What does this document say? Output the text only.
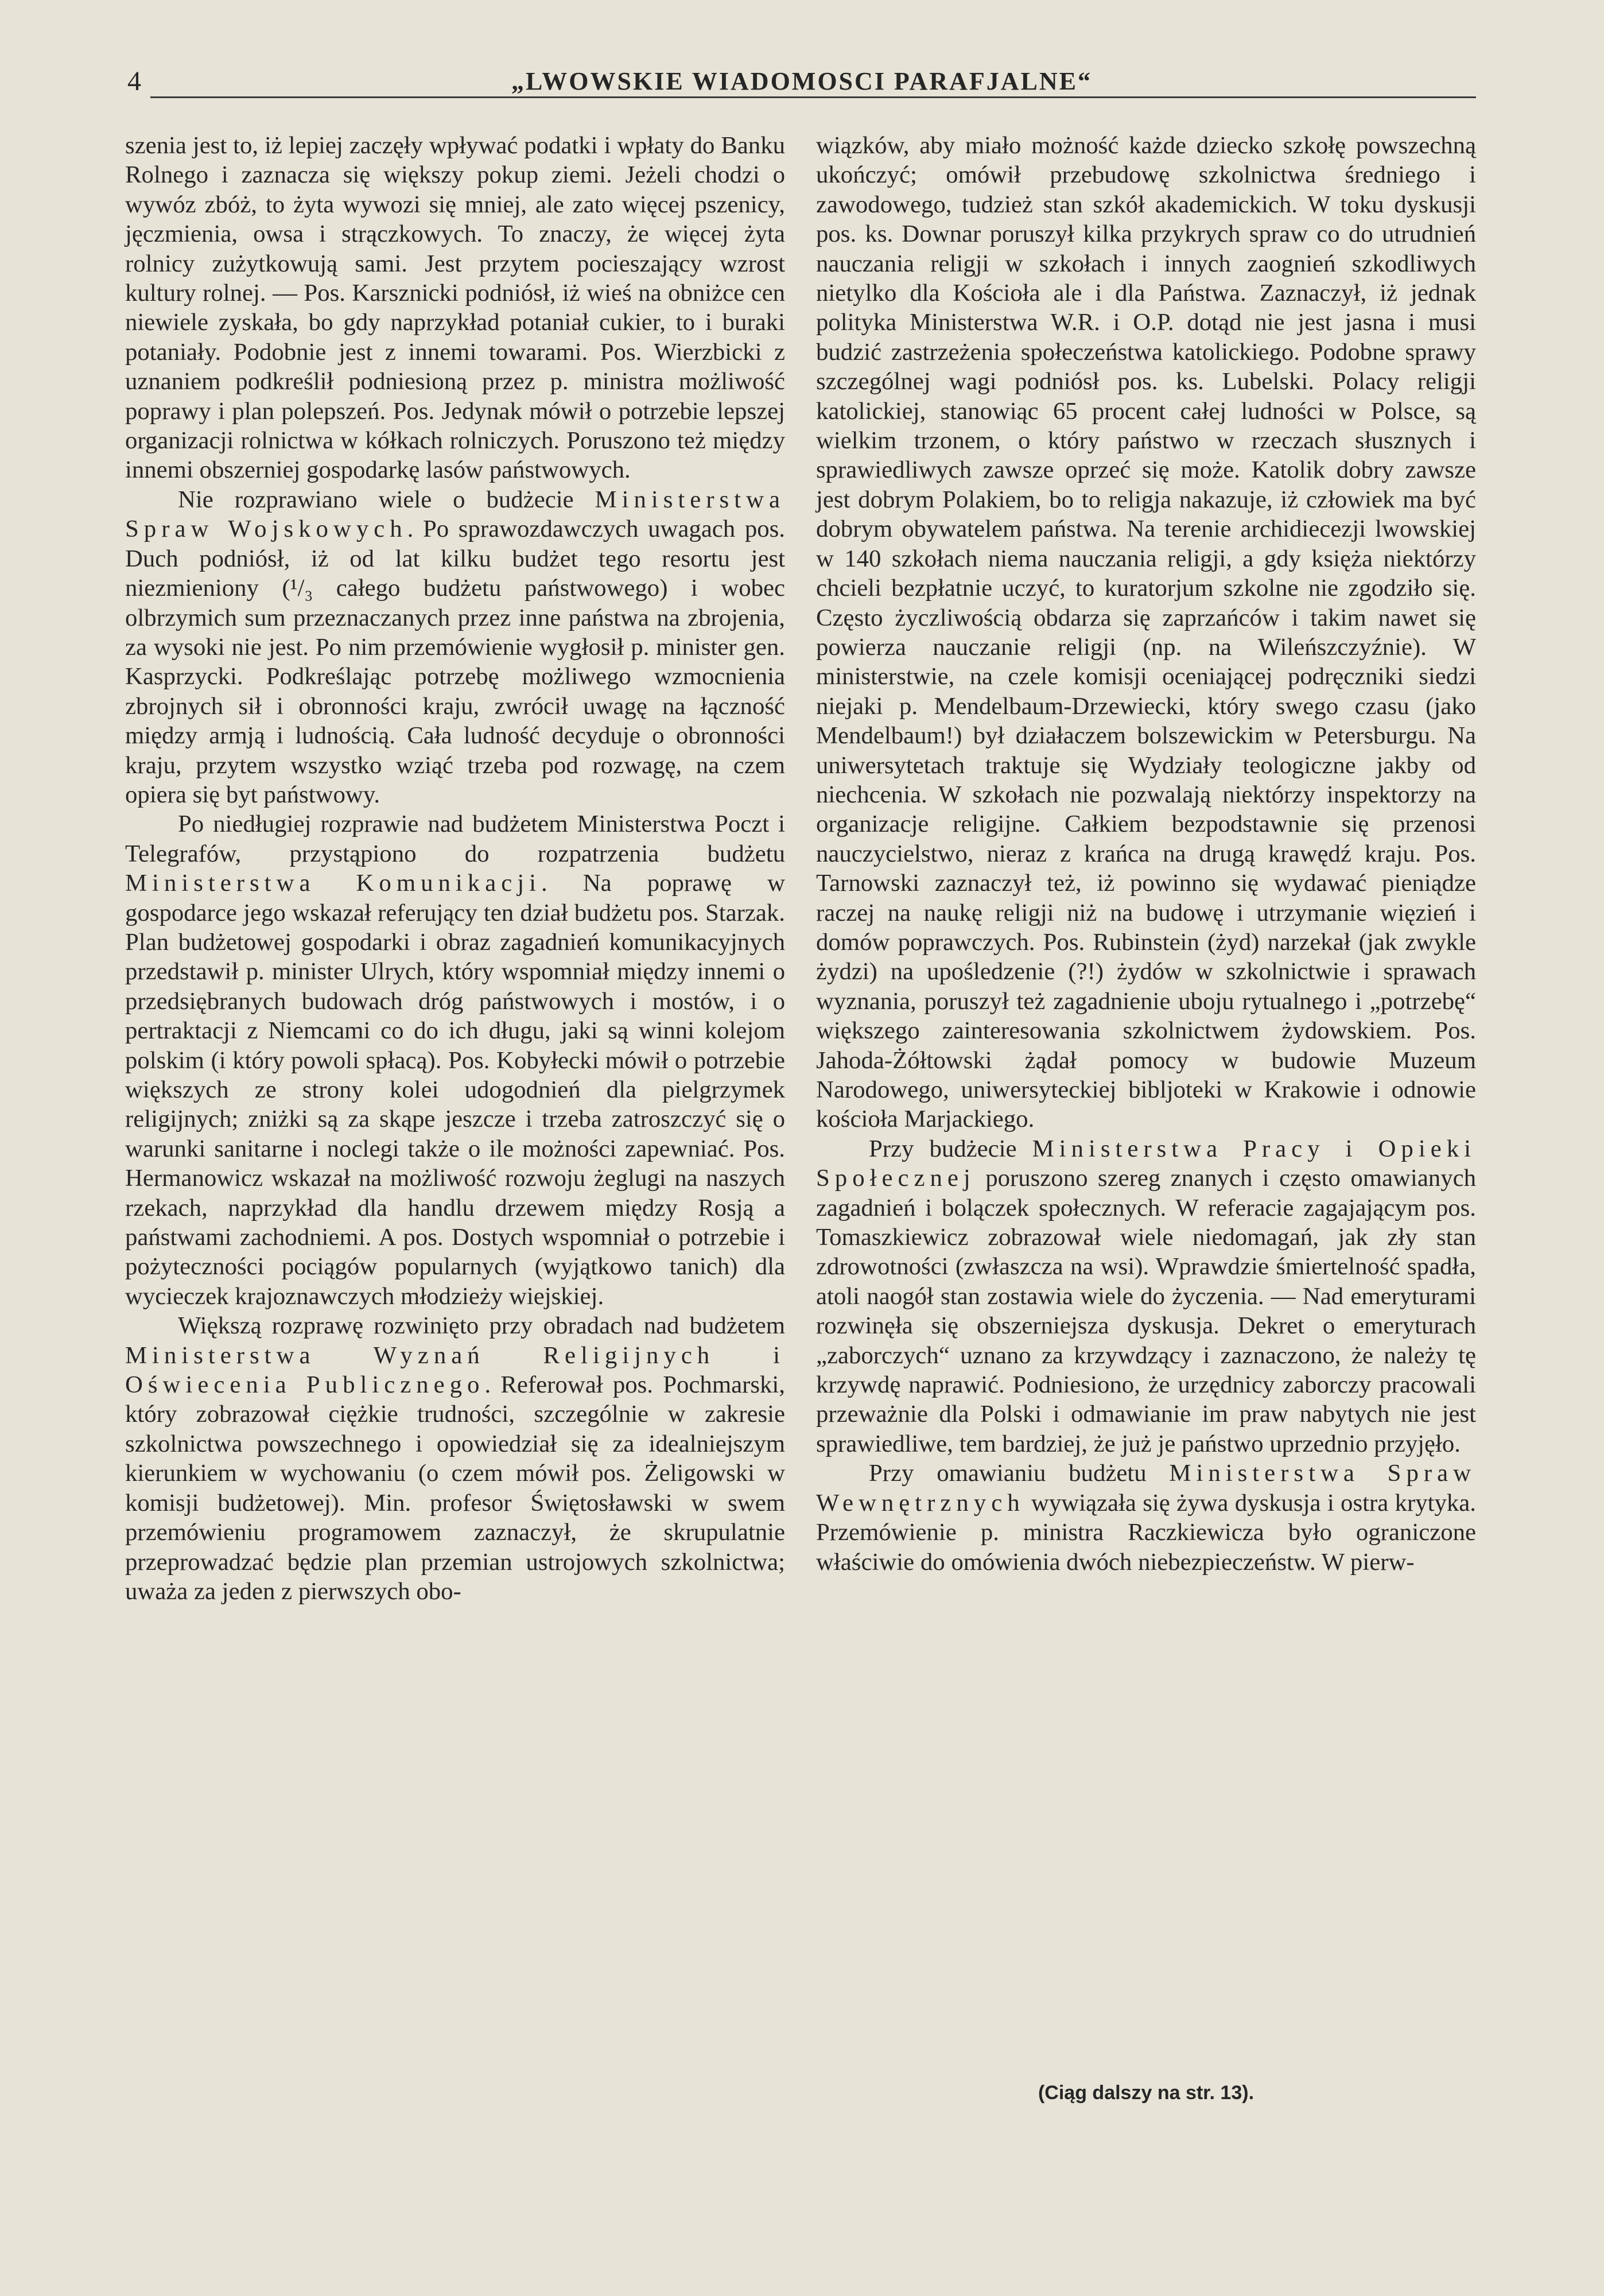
4	„LWOWSKIE WIADOMOSCI PARAFJALNE“

szenia jest to, iż lepiej zaczęły wpływać podatki i wpłaty do Banku Rolnego i zaznacza się większy pokup ziemi. Jeżeli chodzi o wywóz zbóż, to żyta wywozi się mniej, ale zato więcej pszenicy, jęczmienia, owsa i strączkowych. To znaczy, że więcej żyta rolnicy zużytkowują sami. Jest przytem pocieszający wzrost kultury rolnej. — Pos. Karsznicki podniósł, iż wieś na obniżce cen niewiele zyskała, bo gdy naprzykład potaniał cukier, to i buraki potaniały. Podobnie jest z innemi towarami. Pos. Wierzbicki z uznaniem podkreślił podniesioną przez p. ministra możliwość poprawy i plan polepszeń. Pos. Jedynak mówił o potrzebie lepszej organizacji rolnictwa w kółkach rolniczych. Poruszono też między innemi obszerniej gospodarkę lasów państwowych.

Nie rozprawiano wiele o budżecie Ministerstwa Spraw Wojskowych. Po sprawozdawczych uwagach pos. Duch podniósł, iż od lat kilku budżet tego resortu jest niezmieniony (¹/₃ całego budżetu państwowego) i wobec olbrzymich sum przeznaczanych przez inne państwa na zbrojenia, za wysoki nie jest. Po nim przemówienie wygłosił p. minister gen. Kasprzycki. Podkreślając potrzebę możliwego wzmocnienia zbrojnych sił i obronności kraju, zwrócił uwagę na łączność między armją i ludnością. Cała ludność decyduje o obronności kraju, przytem wszystko wziąć trzeba pod rozwagę, na czem opiera się byt państwowy.

Po niedługiej rozprawie nad budżetem Ministerstwa Poczt i Telegrafów, przystąpiono do rozpatrzenia budżetu Ministerstwa Komunikacji. Na poprawę w gospodarce jego wskazał referujący ten dział budżetu pos. Starzak. Plan budżetowej gospodarki i obraz zagadnień komunikacyjnych przedstawił p. minister Ulrych, który wspomniał między innemi o przedsiębranych budowach dróg państwowych i mostów, i o pertraktacji z Niemcami co do ich długu, jaki są winni kolejom polskim (i który powoli spłacą). Pos. Kobyłecki mówił o potrzebie większych ze strony kolei udogodnień dla pielgrzymek religijnych; zniżki są za skąpe jeszcze i trzeba zatroszczyć się o warunki sanitarne i noclegi także o ile możności zapewniać. Pos. Hermanowicz wskazał na możliwość rozwoju żeglugi na naszych rzekach, naprzykład dla handlu drzewem między Rosją a państwami zachodniemi. A pos. Dostych wspomniał o potrzebie i pożyteczności pociągów popularnych (wyjątkowo tanich) dla wycieczek krajoznawczych młodzieży wiejskiej.

Większą rozprawę rozwinięto przy obradach nad budżetem Ministerstwa Wyznań Religijnych i Oświecenia Publicznego. Referował pos. Pochmarski, który zobrazował ciężkie trudności, szczególnie w zakresie szkolnictwa powszechnego i opowiedział się za idealniejszym kierunkiem w wychowaniu (o czem mówił pos. Żeligowski w komisji budżetowej). Min. profesor Świętosławski w swem przemówieniu programowem zaznaczył, że skrupulatnie przeprowadzać będzie plan przemian ustrojowych szkolnictwa; uważa za jeden z pierwszych obo-

wiązków, aby miało możność każde dziecko szkołę powszechną ukończyć; omówił przebudowę szkolnictwa średniego i zawodowego, tudzież stan szkół akademickich. W toku dyskusji pos. ks. Downar poruszył kilka przykrych spraw co do utrudnień nauczania religji w szkołach i innych zaognień szkodliwych nietylko dla Kościoła ale i dla Państwa. Zaznaczył, iż jednak polityka Ministerstwa W.R. i O.P. dotąd nie jest jasna i musi budzić zastrzeżenia społeczeństwa katolickiego. Podobne sprawy szczególnej wagi podniósł pos. ks. Lubelski. Polacy religji katolickiej, stanowiąc 65 procent całej ludności w Polsce, są wielkim trzonem, o który państwo w rzeczach słusznych i sprawiedliwych zawsze oprzeć się może. Katolik dobry zawsze jest dobrym Polakiem, bo to religja nakazuje, iż człowiek ma być dobrym obywatelem państwa. Na terenie archidiecezji lwowskiej w 140 szkołach niema nauczania religji, a gdy księża niektórzy chcieli bezpłatnie uczyć, to kuratorjum szkolne nie zgodziło się. Często życzliwością obdarza się zaprzańców i takim nawet się powierza nauczanie religji (np. na Wileńszczyźnie). W ministerstwie, na czele komisji oceniającej podręczniki siedzi niejaki p. Mendelbaum-Drzewiecki, który swego czasu (jako Mendelbaum!) był działaczem bolszewickim w Petersburgu. Na uniwersytetach traktuje się Wydziały teologiczne jakby od niechcenia. W szkołach nie pozwalają niektórzy inspektorzy na organizacje religijne. Całkiem bezpodstawnie się przenosi nauczycielstwo, nieraz z krańca na drugą krawędź kraju. Pos. Tarnowski zaznaczył też, iż powinno się wydawać pieniądze raczej na naukę religji niż na budowę i utrzymanie więzień i domów poprawczych. Pos. Rubinstein (żyd) narzekał (jak zwykle żydzi) na upośledzenie (?!) żydów w szkolnictwie i sprawach wyznania, poruszył też zagadnienie uboju rytualnego i „potrzebę“ większego zainteresowania szkolnictwem żydowskiem. Pos. Jahoda-Żółtowski żądał pomocy w budowie Muzeum Narodowego, uniwersyteckiej bibljoteki w Krakowie i odnowie kościoła Marjackiego.

Przy budżecie Ministerstwa Pracy i Opieki Społecznej poruszono szereg znanych i często omawianych zagadnień i bolączek społecznych. W referacie zagajającym pos. Tomaszkiewicz zobrazował wiele niedomagań, jak zły stan zdrowotności (zwłaszcza na wsi). Wprawdzie śmiertelność spadła, atoli naogół stan zostawia wiele do życzenia. — Nad emeryturami rozwinęła się obszerniejsza dyskusja. Dekret o emeryturach „zaborczych“ uznano za krzywdzący i zaznaczono, że należy tę krzywdę naprawić. Podniesiono, że urzędnicy zaborczy pracowali przeważnie dla Polski i odmawianie im praw nabytych nie jest sprawiedliwe, tem bardziej, że już je państwo uprzednio przyjęło.

Przy omawianiu budżetu Ministerstwa Spraw Wewnętrznych wywiązała się żywa dyskusja i ostra krytyka. Przemówienie p. ministra Raczkiewicza było ograniczone właściwie do omówienia dwóch niebezpieczeństw. W pierw-

(Ciąg dalszy na str. 13).
